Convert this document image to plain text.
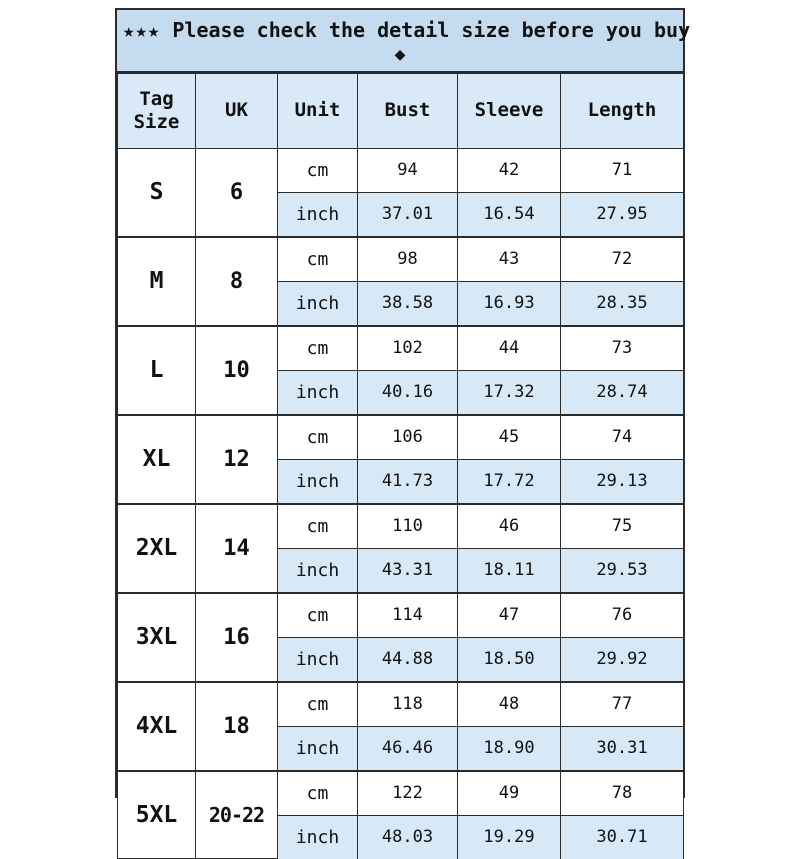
★★★ Please check the detail size before you buy
◆
Tag
Size	UK	Unit	Bust	Sleeve	Length
S	6	cm	94	42	71
		inch	37.01	16.54	27.95
M	8	cm	98	43	72
		inch	38.58	16.93	28.35
L	10	cm	102	44	73
		inch	40.16	17.32	28.74
XL	12	cm	106	45	74
		inch	41.73	17.72	29.13
2XL	14	cm	110	46	75
		inch	43.31	18.11	29.53
3XL	16	cm	114	47	76
		inch	44.88	18.50	29.92
4XL	18	cm	118	48	77
		inch	46.46	18.90	30.31
5XL	20-22	cm	122	49	78
		inch	48.03	19.29	30.71
